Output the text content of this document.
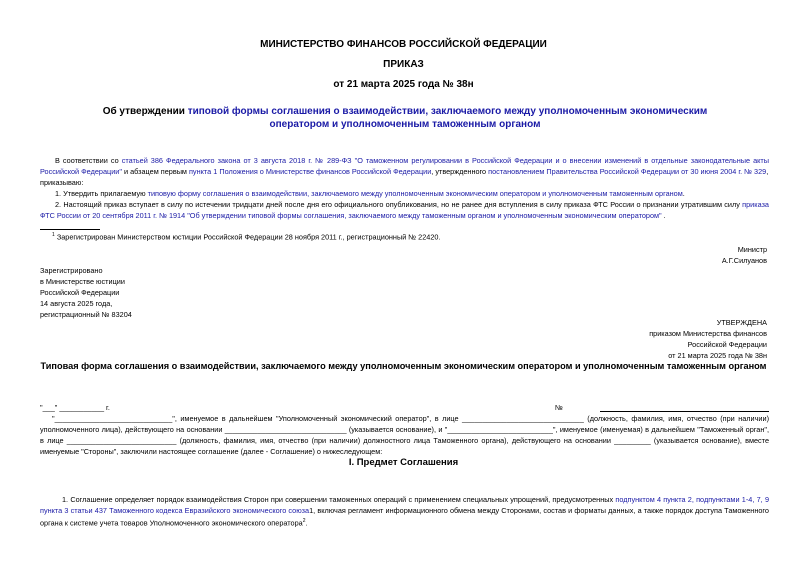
МИНИСТЕРСТВО ФИНАНСОВ РОССИЙСКОЙ ФЕДЕРАЦИИ
ПРИКАЗ
от 21 марта 2025 года № 38н
Об утверждении типовой формы соглашения о взаимодействии, заключаемого между уполномоченным экономическим оператором и уполномоченным таможенным органом
В соответствии со статьей 386 Федерального закона от 3 августа 2018 г. № 289-ФЗ "О таможенном регулировании в Российской Федерации и о внесении изменений в отдельные законодательные акты Российской Федерации" и абзацем первым пункта 1 Положения о Министерстве финансов Российской Федерации, утвержденного постановлением Правительства Российской Федерации от 30 июня 2004 г. № 329,
приказываю:
1. Утвердить прилагаемую типовую форму соглашения о взаимодействии, заключаемого между уполномоченным экономическим оператором и уполномоченным таможенным органом.
2. Настоящий приказ вступает в силу по истечении тридцати дней после дня его официального опубликования, но не ранее дня вступления в силу приказа ФТС России о признании утратившим силу приказа ФТС России от 20 сентября 2011 г. № 1914 "Об утверждении типовой формы соглашения, заключаемого между таможенным органом и уполномоченным экономическим оператором" .
$^1$ Зарегистрирован Министерством юстиции Российской Федерации 28 ноября 2011 г., регистрационный № 22420.
Министр
А.Г.Силуанов
Зарегистрировано
в Министерстве юстиции
Российской Федерации
14 августа 2025 года,
регистрационный № 83204
УТВЕРЖДЕНА
приказом Министерства финансов
Российской Федерации
от 21 марта 2025 года № 38н
Типовая форма соглашения о взаимодействии, заключаемого между уполномоченным экономическим оператором и уполномоченным таможенным органом
"___" ___________ г.	№
"_____________________________", именуемое в дальнейшем "Уполномоченный экономический оператор", в лице ______________________________ (должность, фамилия, имя, отчество (при наличии) уполномоченного лица), действующего на основании ______________________________ (указывается основание), и "__________________________", именуемое (именуемая) в дальнейшем "Таможенный орган", в лице ___________________________ (должность, фамилия, имя, отчество (при наличии) должностного лица Таможенного органа), действующего на основании _________ (указывается основание), вместе именуемые "Стороны", заключили настоящее соглашение (далее - Соглашение) о нижеследующем:
I. Предмет Соглашения
1. Соглашение определяет порядок взаимодействия Сторон при совершении таможенных операций с применением специальных упрощений, предусмотренных подпунктом 4 пункта 2, подпунктами 1-4, 7, 9 пункта 3 статьи 437 Таможенного кодекса Евразийского экономического союза1, включая регламент информационного обмена между Сторонами, состав и форматы данных, а также порядок доступа Таможенного органа к системе учета товаров Уполномоченного экономического оператора$^2$.
